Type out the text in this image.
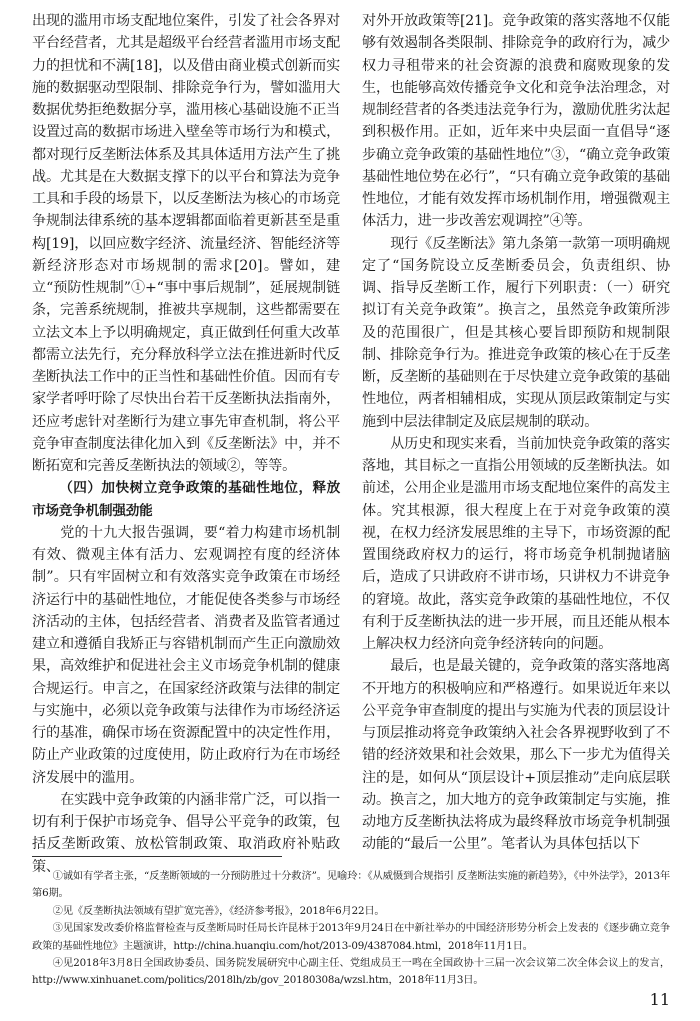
出现的滥用市场支配地位案件，引发了社会各界对平台经营者，尤其是超级平台经营者滥用市场支配力的担忧和不满[18]，以及借由商业模式创新而实施的数据驱动型限制、排除竞争行为，譬如滥用大数据优势拒绝数据分享，滥用核心基础设施不正当设置过高的数据市场进入壁垒等市场行为和模式，都对现行反垄断法体系及其具体适用方法产生了挑战。尤其是在大数据支撑下的以平台和算法为竞争工具和手段的场景下，以反垄断法为核心的市场竞争规制法律系统的基本逻辑都面临着更新甚至是重构[19]，以回应数字经济、流量经济、智能经济等新经济形态对市场规制的需求[20]。譬如，建立“预防性规制”①+“事中事后规制”，延展规制链条，完善系统规制，推被共享规制，这些都需要在立法文本上予以明确规定，真正做到任何重大改革都需立法先行，充分释放科学立法在推进新时代反垄断执法工作中的正当性和基础性价值。因而有专家学者呼吁除了尽快出台若干反垄断执法指南外，还应考虑针对垄断行为建立事先审查机制，将公平竞争审查制度法律化加入到《反垄断法》中，并不断拓宽和完善反垄断执法的领域②，等等。

（四）加快树立竞争政策的基础性地位，释放市场竞争机制强劲能

党的十九大报告强调，要“着力构建市场机制有效、微观主体有活力、宏观调控有度的经济体制”。只有牢固树立和有效落实竞争政策在市场经济运行中的基础性地位，才能促使各类参与市场经济活动的主体，包括经营者、消费者及监管者通过建立和遵循自我矫正与容错机制而产生正向激励效果，高效维护和促进社会主义市场竞争机制的健康合规运行。申言之，在国家经济政策与法律的制定与实施中，必须以竞争政策与法律作为市场经济运行的基准，确保市场在资源配置中的决定性作用，防止产业政策的过度使用，防止政府行为在市场经济发展中的滥用。

在实践中竞争政策的内涵非常广泛，可以指一切有利于保护市场竞争、倡导公平竞争的政策，包括反垄断政策、放松管制政策、取消政府补贴政策、

对外开放政策等[21]。竞争政策的落实落地不仅能够有效遏制各类限制、排除竞争的政府行为，减少权力寻租带来的社会资源的浪费和腐败现象的发生，也能够高效传播竞争文化和竞争法治理念，对规制经营者的各类违法竞争行为，激励优胜劣汰起到积极作用。正如，近年来中央层面一直倡导“逐步确立竞争政策的基础性地位”③，“确立竞争政策基础性地位势在必行”，“只有确立竞争政策的基础性地位，才能有效发挥市场机制作用，增强微观主体活力，进一步改善宏观调控”④等。

现行《反垄断法》第九条第一款第一项明确规定了“国务院设立反垄断委员会，负责组织、协调、指导反垄断工作，履行下列职责：（一）研究拟订有关竞争政策”。换言之，虽然竞争政策所涉及的范围很广，但是其核心要旨即预防和规制限制、排除竞争行为。推进竞争政策的核心在于反垄断，反垄断的基础则在于尽快建立竞争政策的基础性地位，两者相辅相成，实现从顶层政策制定与实施到中层法律制定及底层规制的联动。

从历史和现实来看，当前加快竞争政策的落实落地，其目标之一直指公用领域的反垄断执法。如前述，公用企业是滥用市场支配地位案件的高发主体。究其根源，很大程度上在于对竞争政策的漠视，在权力经济发展思维的主导下，市场资源的配置围绕政府权力的运行，将市场竞争机制抛诸脑后，造成了只讲政府不讲市场，只讲权力不讲竞争的窘境。故此，落实竞争政策的基础性地位，不仅有利于反垄断执法的进一步开展，而且还能从根本上解决权力经济向竞争经济转向的问题。

最后，也是最关键的，竞争政策的落实落地离不开地方的积极响应和严格遵行。如果说近年来以公平竞争审查制度的提出与实施为代表的顶层设计与顶层推动将竞争政策纳入社会各界视野收到了不错的经济效果和社会效果，那么下一步尤为值得关注的是，如何从“顶层设计+顶层推动”走向底层联动。换言之，加大地方的竞争政策制定与实施，推动地方反垄断执法将成为最终释放市场竞争机制强动能的“最后一公里”。笔者认为具体包括以下

①诚如有学者主张，“反垄断领域的一分预防胜过十分救济”。见喻玲：《从威慑到合规指引 反垄断法实施的新趋势》，《中外法学》，2013年第6期。

②见《反垄断执法领域有望扩宽完善》，《经济参考报》，2018年6月22日。

③见国家发改委价格监督检查与反垄断局时任局长许昆林于2013年9月24日在中新社举办的中国经济形势分析会上发表的《逐步确立竞争政策的基础性地位》主题演讲，http://china.huanqiu.com/hot/2013-09/4387084.html，2018年11月1日。

④见2018年3月8日全国政协委员、国务院发展研究中心副主任、党组成员王一鸣在全国政协十三届一次会议第二次全体会议上的发言，http://www.xinhuanet.com/politics/2018lh/zb/gov_20180308a/wzsl.htm，2018年11月3日。

11
